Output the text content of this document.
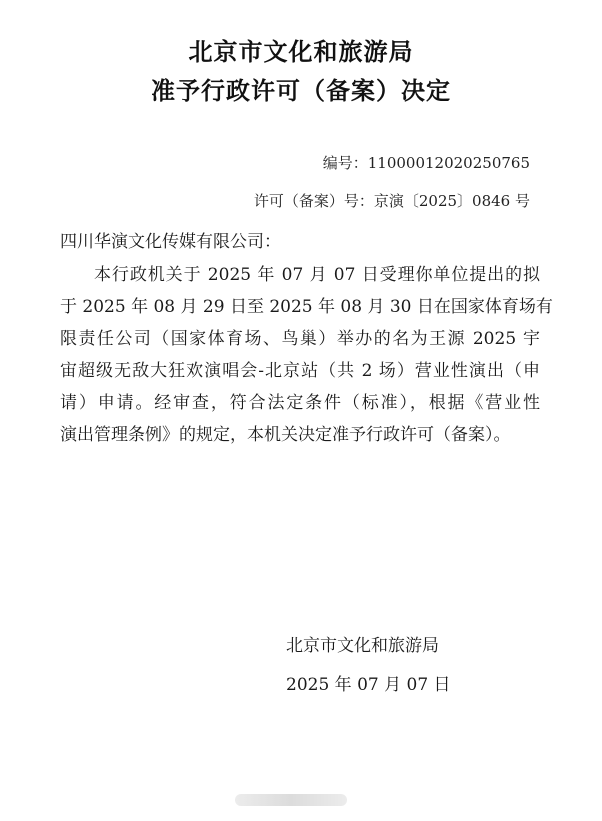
北京市文化和旅游局
准予行政许可（备案）决定
编号：11000012020250765
许可（备案）号：京演〔2025〕0846 号
四川华演文化传媒有限公司：
本行政机关于 2025 年 07 月 07 日受理你单位提出的拟
于 2025 年 08 月 29 日至 2025 年 08 月 30 日在国家体育场有
限责任公司（国家体育场、鸟巢）举办的名为王源 2025 宇
宙超级无敌大狂欢演唱会-北京站（共 2 场）营业性演出（申
请）申请。经审查，符合法定条件（标准），根据《营业性
演出管理条例》的规定，本机关决定准予行政许可（备案）。
北京市文化和旅游局
2025 年 07 月 07 日
